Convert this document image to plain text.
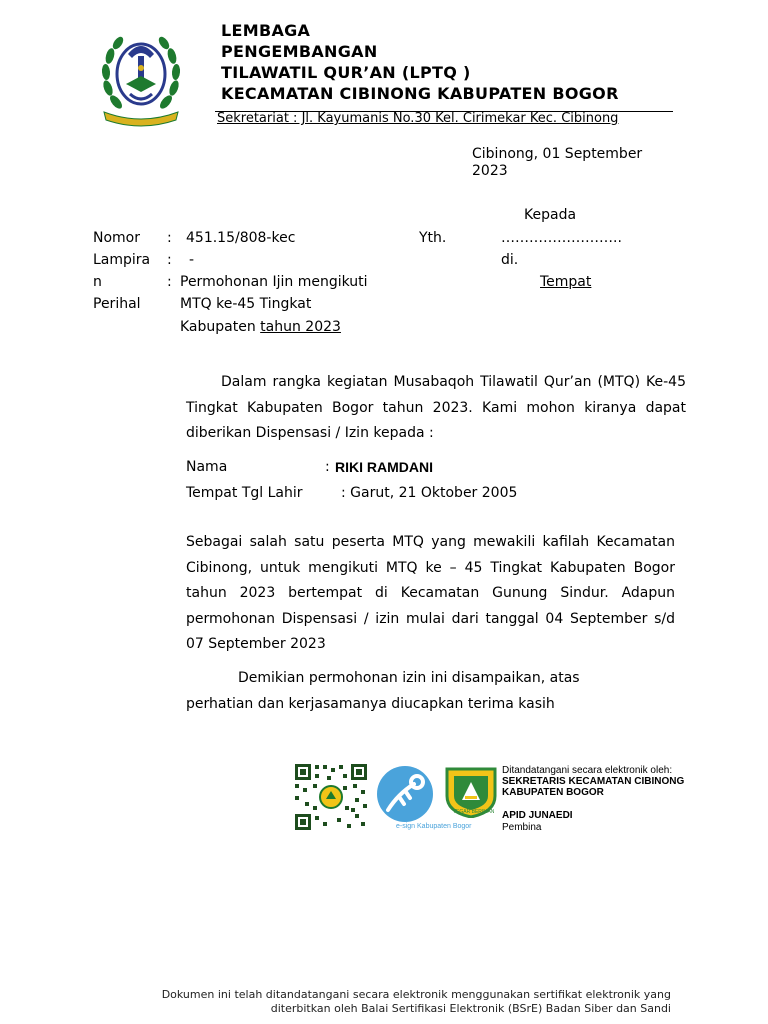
LEMBAGA
PENGEMBANGAN
TILAWATIL QUR’AN (LPTQ )
KECAMATAN CIBINONG KABUPATEN BOGOR
Sekretariat : Jl. Kayumanis No.30 Kel. Cirimekar Kec. Cibinong
Cibinong, 01 September
2023
Kepada
Yth.	……………………..
di.
Tempat
Nomor : 451.15/808-kec
Lampira : -
n	: Permohonan Ijin mengikuti
Perihal	MTQ ke-45 Tingkat
Kabupaten tahun 2023

Dalam rangka kegiatan Musabaqoh Tilawatil Qur’an (MTQ) Ke-45 Tingkat Kabupaten Bogor tahun 2023. Kami mohon kiranya dapat diberikan Dispensasi / Izin kepada :

Nama	: RIKI RAMDANI
Tempat Tgl Lahir	: Garut, 21 Oktober 2005

Sebagai salah satu peserta MTQ yang mewakili kafilah Kecamatan Cibinong, untuk mengikuti MTQ ke – 45 Tingkat Kabupaten Bogor tahun 2023 bertempat di Kecamatan Gunung Sindur. Adapun permohonan Dispensasi / izin mulai dari tanggal 04 September s/d 07 September 2023

Demikian permohonan izin ini disampaikan, atas
perhatian dan kerjasamanya diucapkan terima kasih
e-sign Kabupaten Bogor
TEGAR BERIMAN
Ditandatangani secara elektronik oleh:
SEKRETARIS KECAMATAN CIBINONG
KABUPATEN BOGOR
APID JUNAEDI
Pembina
Dokumen ini telah ditandatangani secara elektronik menggunakan sertifikat elektronik yang
diterbitkan oleh Balai Sertifikasi Elektronik (BSrE) Badan Siber dan Sandi
